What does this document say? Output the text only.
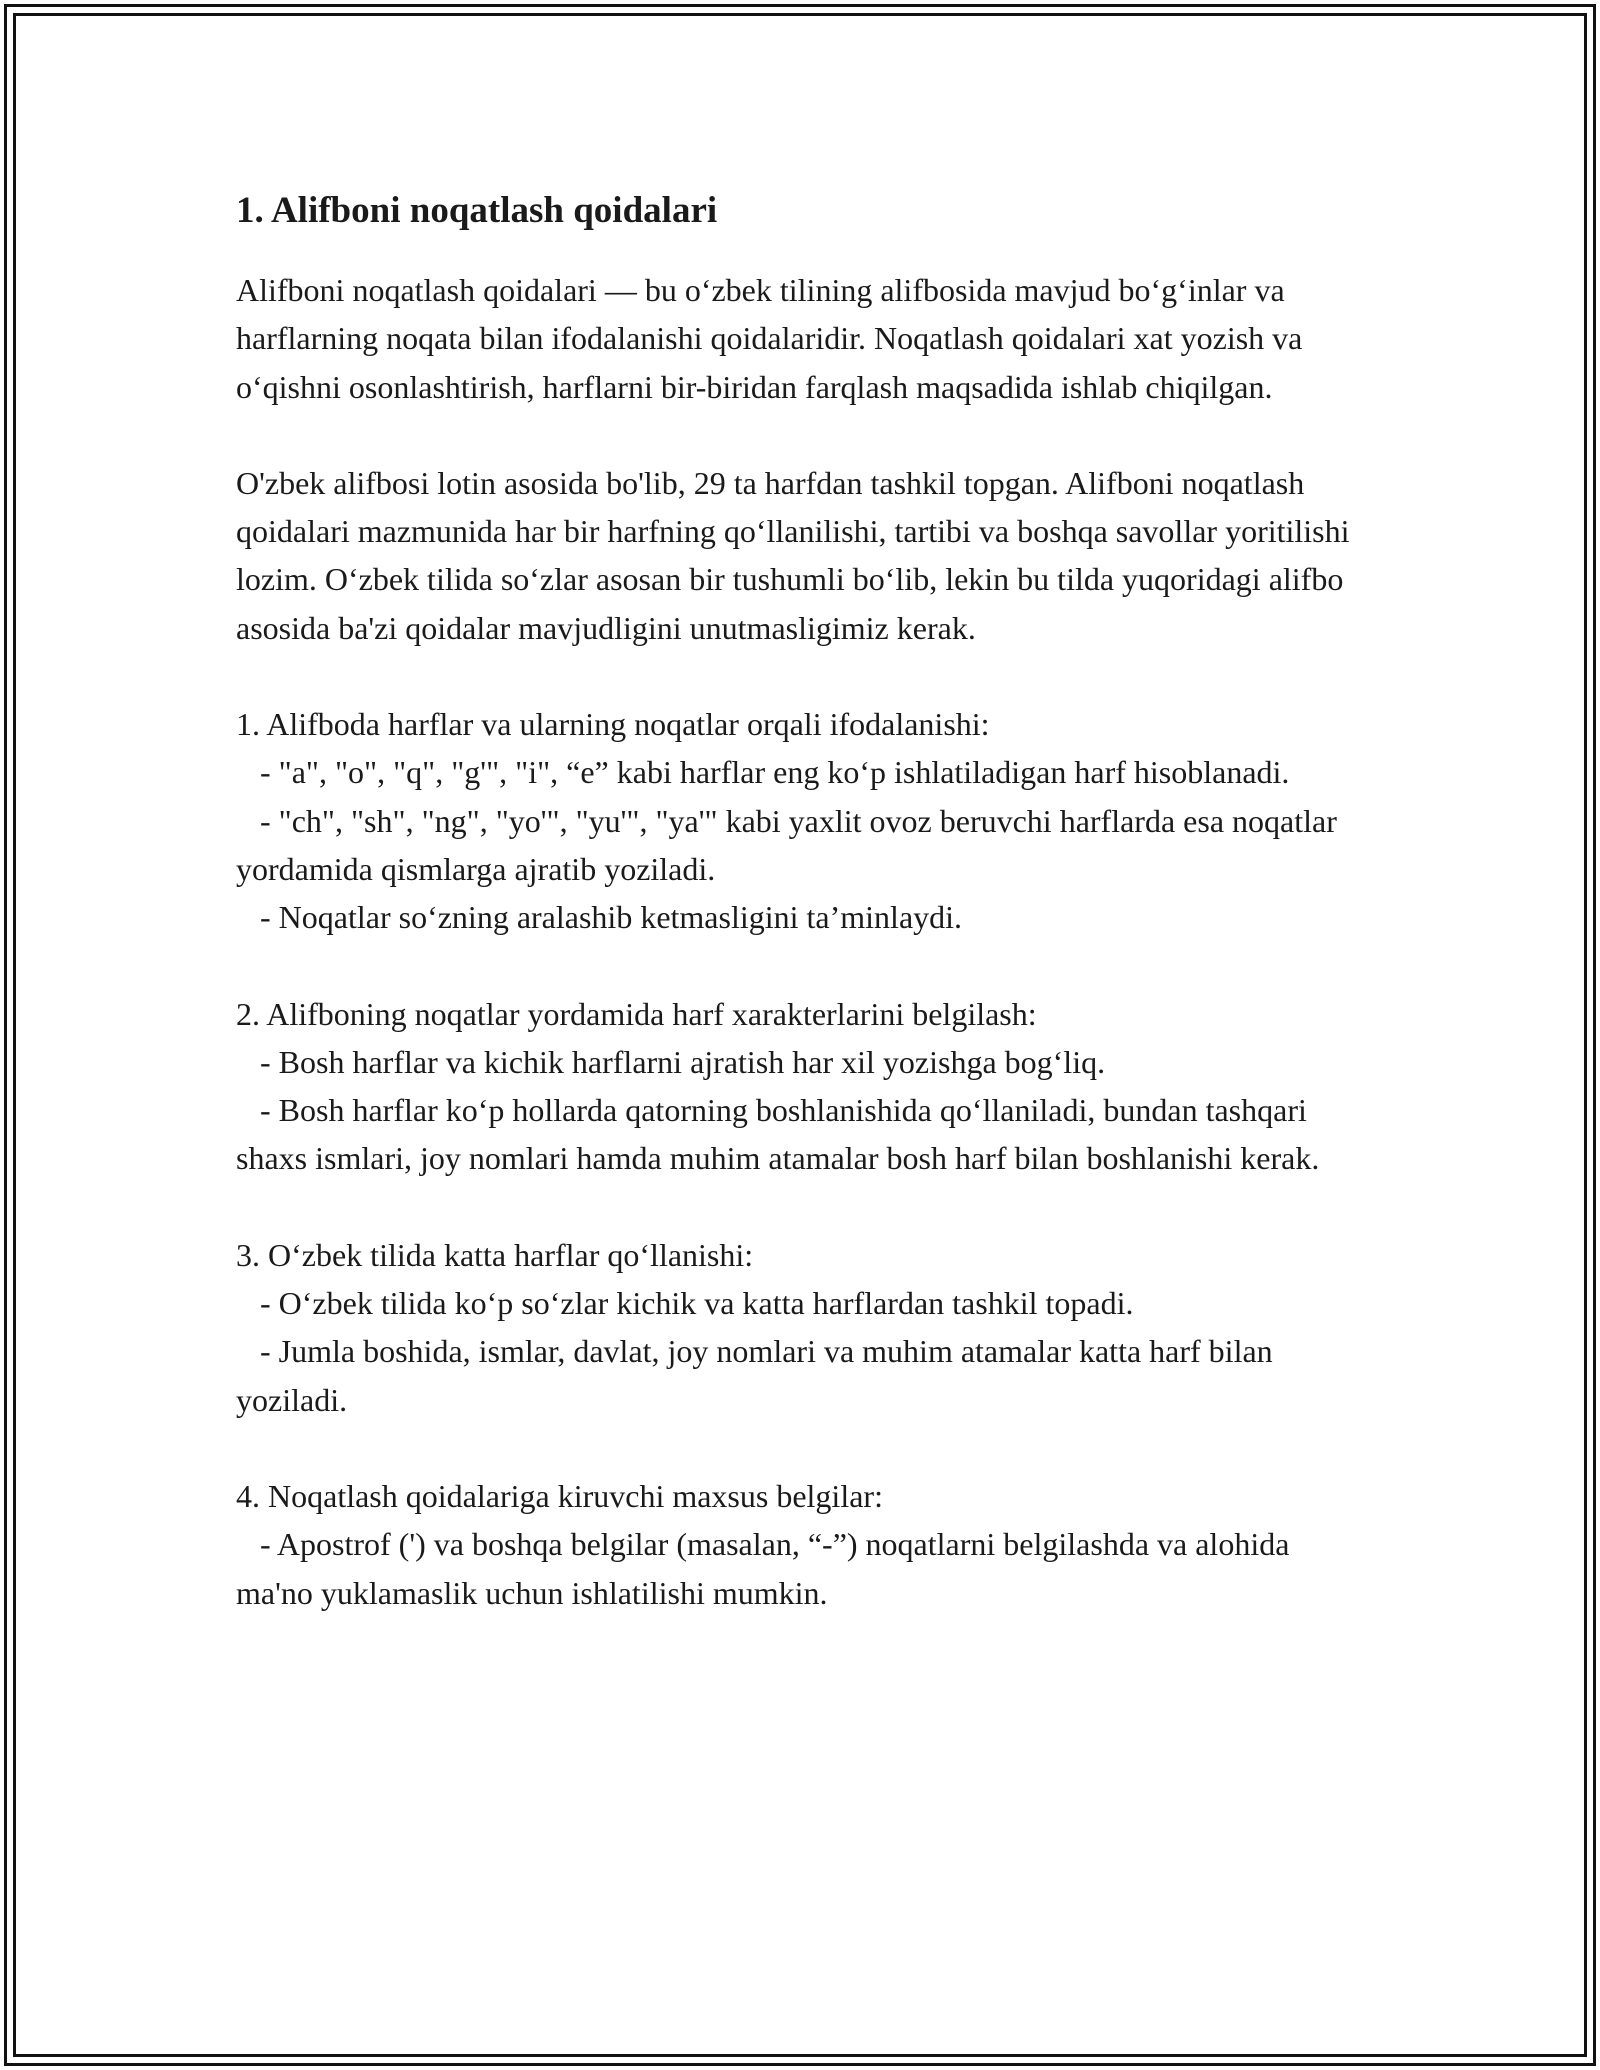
1. Alifboni noqatlash qoidalari

Alifboni noqatlash qoidalari — bu o‘zbek tilining alifbosida mavjud bo‘g‘inlar va harflarning noqata bilan ifodalanishi qoidalaridir. Noqatlash qoidalari xat yozish va o‘qishni osonlashtirish, harflarni bir-biridan farqlash maqsadida ishlab chiqilgan.

O'zbek alifbosi lotin asosida bo'lib, 29 ta harfdan tashkil topgan. Alifboni noqatlash qoidalari mazmunida har bir harfning qo‘llanilishi, tartibi va boshqa savollar yoritilishi lozim. O‘zbek tilida so‘zlar asosan bir tushumli bo‘lib, lekin bu tilda yuqoridagi alifbo asosida ba'zi qoidalar mavjudligini unutmasligimiz kerak.

1. Alifboda harflar va ularning noqatlar orqali ifodalanishi:
- "a", "o", "q", "g'", "i", “e” kabi harflar eng ko‘p ishlatiladigan harf hisoblanadi.
- "ch", "sh", "ng", "yo'", "yu'", "ya'" kabi yaxlit ovoz beruvchi harflarda esa noqatlar yordamida qismlarga ajratib yoziladi.
- Noqatlar so‘zning aralashib ketmasligini ta’minlaydi.
2. Alifboning noqatlar yordamida harf xarakterlarini belgilash:
- Bosh harflar va kichik harflarni ajratish har xil yozishga bog‘liq.
- Bosh harflar ko‘p hollarda qatorning boshlanishida qo‘llaniladi, bundan tashqari shaxs ismlari, joy nomlari hamda muhim atamalar bosh harf bilan boshlanishi kerak.
3. O‘zbek tilida katta harflar qo‘llanishi:
- O‘zbek tilida ko‘p so‘zlar kichik va katta harflardan tashkil topadi.
- Jumla boshida, ismlar, davlat, joy nomlari va muhim atamalar katta harf bilan yoziladi.
4. Noqatlash qoidalariga kiruvchi maxsus belgilar:
- Apostrof (') va boshqa belgilar (masalan, “-”) noqatlarni belgilashda va alohida ma'no yuklamaslik uchun ishlatilishi mumkin.
